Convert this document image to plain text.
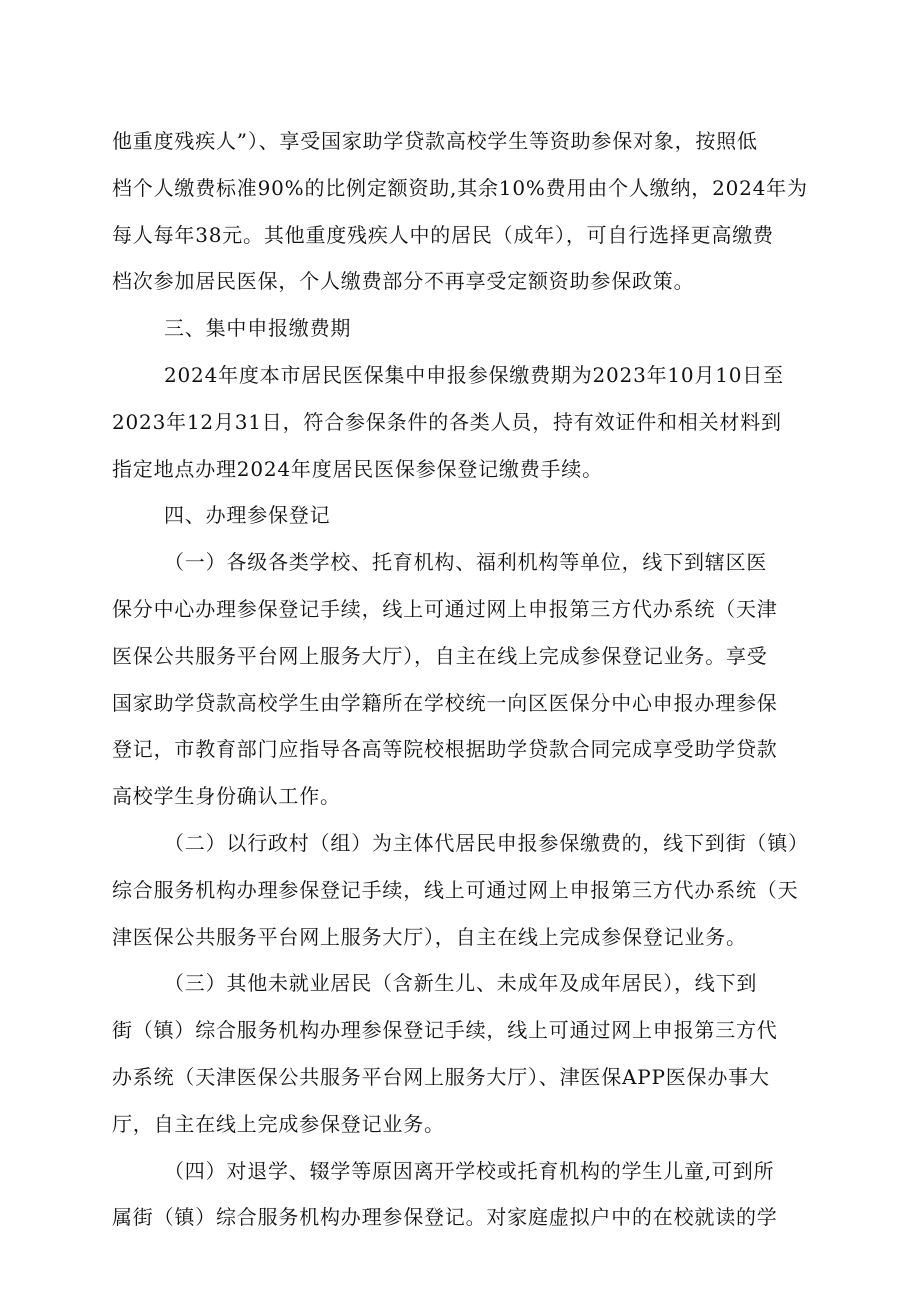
他重度残疾人”）、享受国家助学贷款高校学生等资助参保对象，按照低
档个人缴费标准90%的比例定额资助,其余10%费用由个人缴纳，2024年为
每人每年38元。其他重度残疾人中的居民（成年），可自行选择更高缴费
档次参加居民医保，个人缴费部分不再享受定额资助参保政策。
三、集中申报缴费期
2024年度本市居民医保集中申报参保缴费期为2023年10月10日至
2023年12月31日，符合参保条件的各类人员，持有效证件和相关材料到
指定地点办理2024年度居民医保参保登记缴费手续。
四、办理参保登记
（一）各级各类学校、托育机构、福利机构等单位，线下到辖区医
保分中心办理参保登记手续，线上可通过网上申报第三方代办系统（天津
医保公共服务平台网上服务大厅），自主在线上完成参保登记业务。享受
国家助学贷款高校学生由学籍所在学校统一向区医保分中心申报办理参保
登记，市教育部门应指导各高等院校根据助学贷款合同完成享受助学贷款
高校学生身份确认工作。
（二）以行政村（组）为主体代居民申报参保缴费的，线下到街（镇）
综合服务机构办理参保登记手续，线上可通过网上申报第三方代办系统（天
津医保公共服务平台网上服务大厅），自主在线上完成参保登记业务。
（三）其他未就业居民（含新生儿、未成年及成年居民），线下到
街（镇）综合服务机构办理参保登记手续，线上可通过网上申报第三方代
办系统（天津医保公共服务平台网上服务大厅）、津医保APP医保办事大
厅，自主在线上完成参保登记业务。
（四）对退学、辍学等原因离开学校或托育机构的学生儿童,可到所
属街（镇）综合服务机构办理参保登记。对家庭虚拟户中的在校就读的学
